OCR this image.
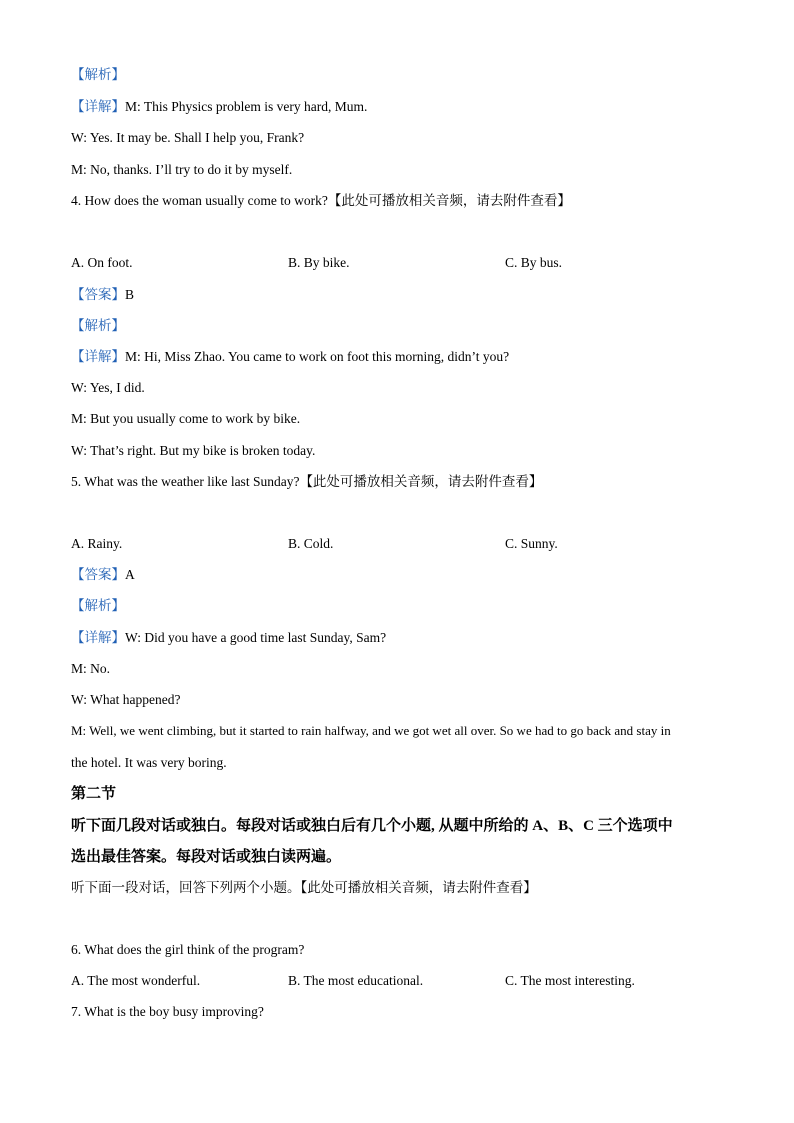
【解析】
【详解】M: This Physics problem is very hard, Mum.
W: Yes. It may be. Shall I help you, Frank?
M: No, thanks. I’ll try to do it by myself.
4. How does the woman usually come to work?【此处可播放相关音频，请去附件查看】
A. On foot.	B. By bike.	C. By bus.
【答案】B
【解析】
【详解】M: Hi, Miss Zhao. You came to work on foot this morning, didn’t you?
W: Yes, I did.
M: But you usually come to work by bike.
W: That’s right. But my bike is broken today.
5. What was the weather like last Sunday?【此处可播放相关音频，请去附件查看】
A. Rainy.	B. Cold.	C. Sunny.
【答案】A
【解析】
【详解】W: Did you have a good time last Sunday, Sam?
M: No.
W: What happened?
M: Well, we went climbing, but it started to rain halfway, and we got wet all over. So we had to go back and stay in
the hotel. It was very boring.
第二节
听下面几段对话或独白。每段对话或独白后有几个小题, 从题中所给的 A、B、C 三个选项中
选出最佳答案。每段对话或独白读两遍。
听下面一段对话，回答下列两个小题。【此处可播放相关音频，请去附件查看】
6. What does the girl think of the program?
A. The most wonderful.	B. The most educational.	C. The most interesting.
7. What is the boy busy improving?
